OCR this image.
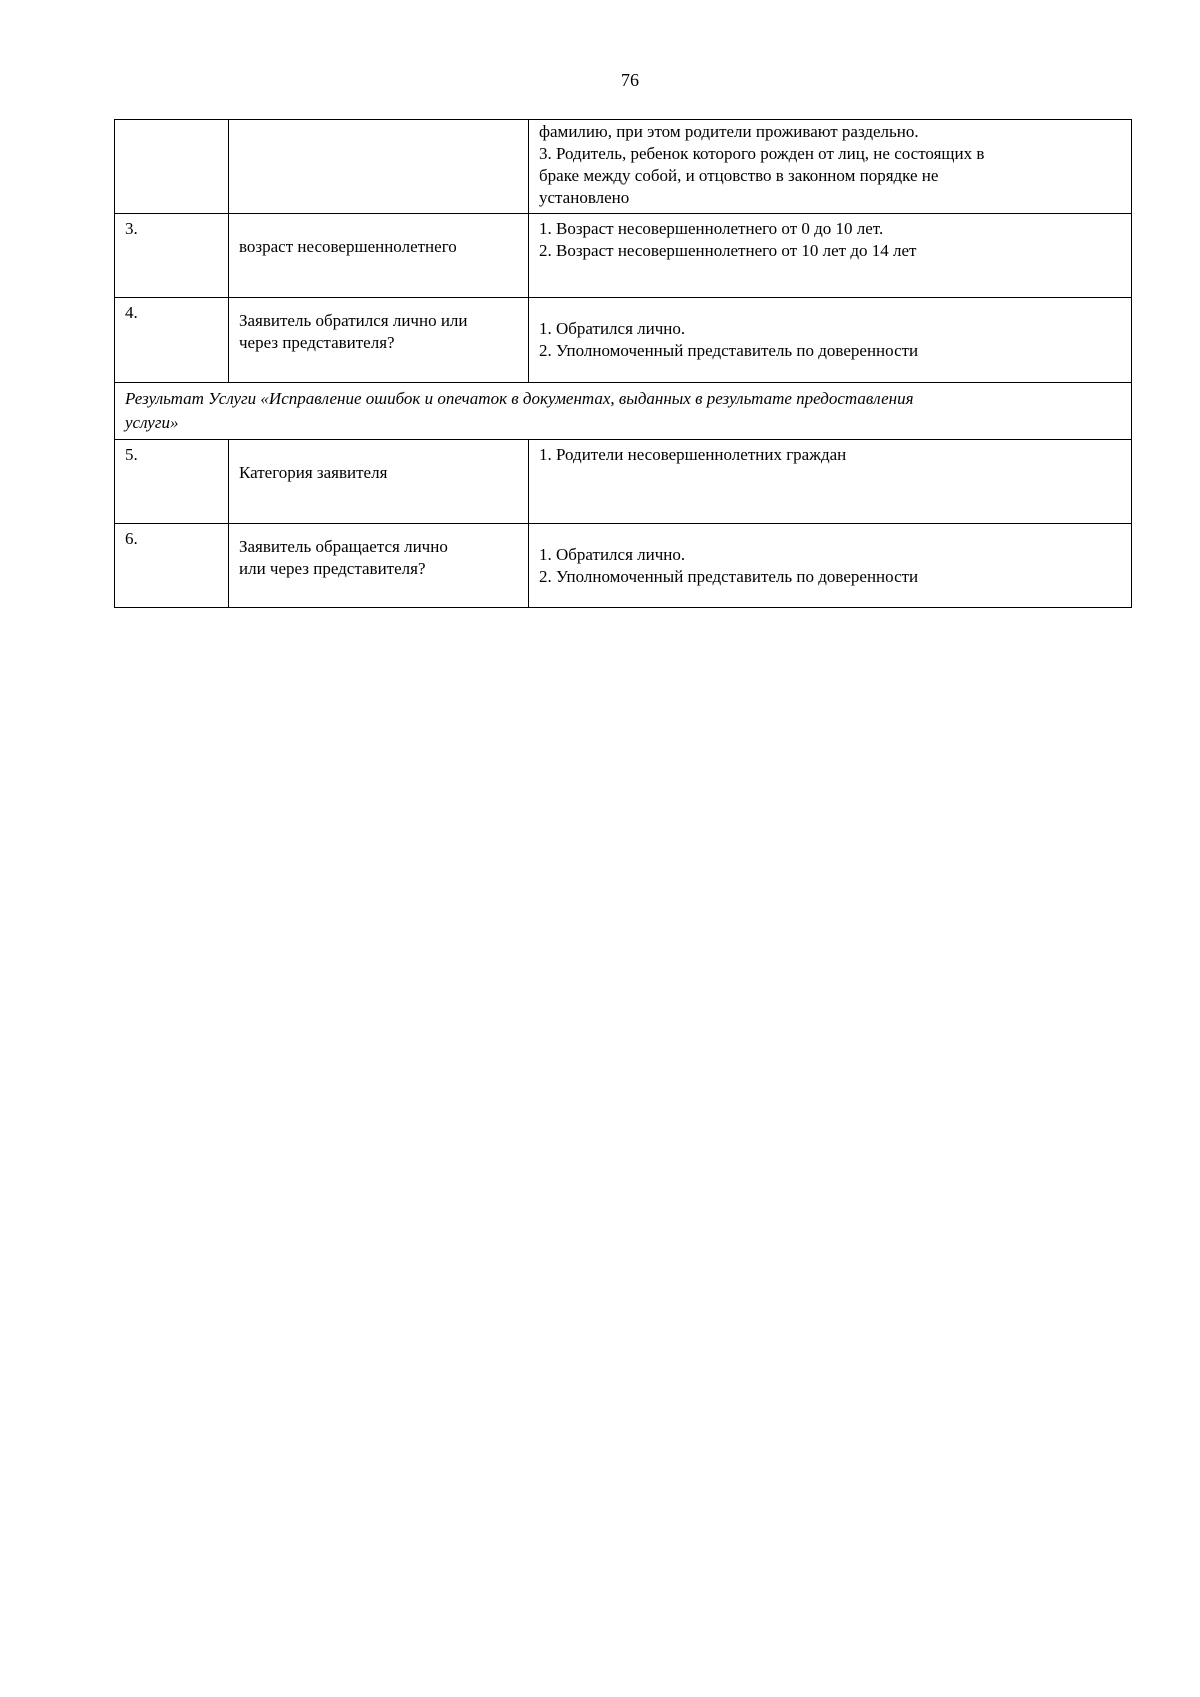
76

		фамилию, при этом родители проживают раздельно.
3. Родитель, ребенок которого рожден от лиц, не состоящих в
браке между собой, и отцовство в законном порядке не
установлено

3.	возраст несовершеннолетнего	1. Возраст несовершеннолетнего от 0 до 10 лет.
2. Возраст несовершеннолетнего от 10 лет до 14 лет

4.	Заявитель обратился лично или
через представителя?	1. Обратился лично.
2. Уполномоченный представитель по доверенности

Результат Услуги «Исправление ошибок и опечаток в документах, выданных в результате предоставления
услуги»		

5.	Категория заявителя	1. Родители несовершеннолетних граждан

6.	Заявитель обращается лично
или через представителя?	1. Обратился лично.
2. Уполномоченный представитель по доверенности
